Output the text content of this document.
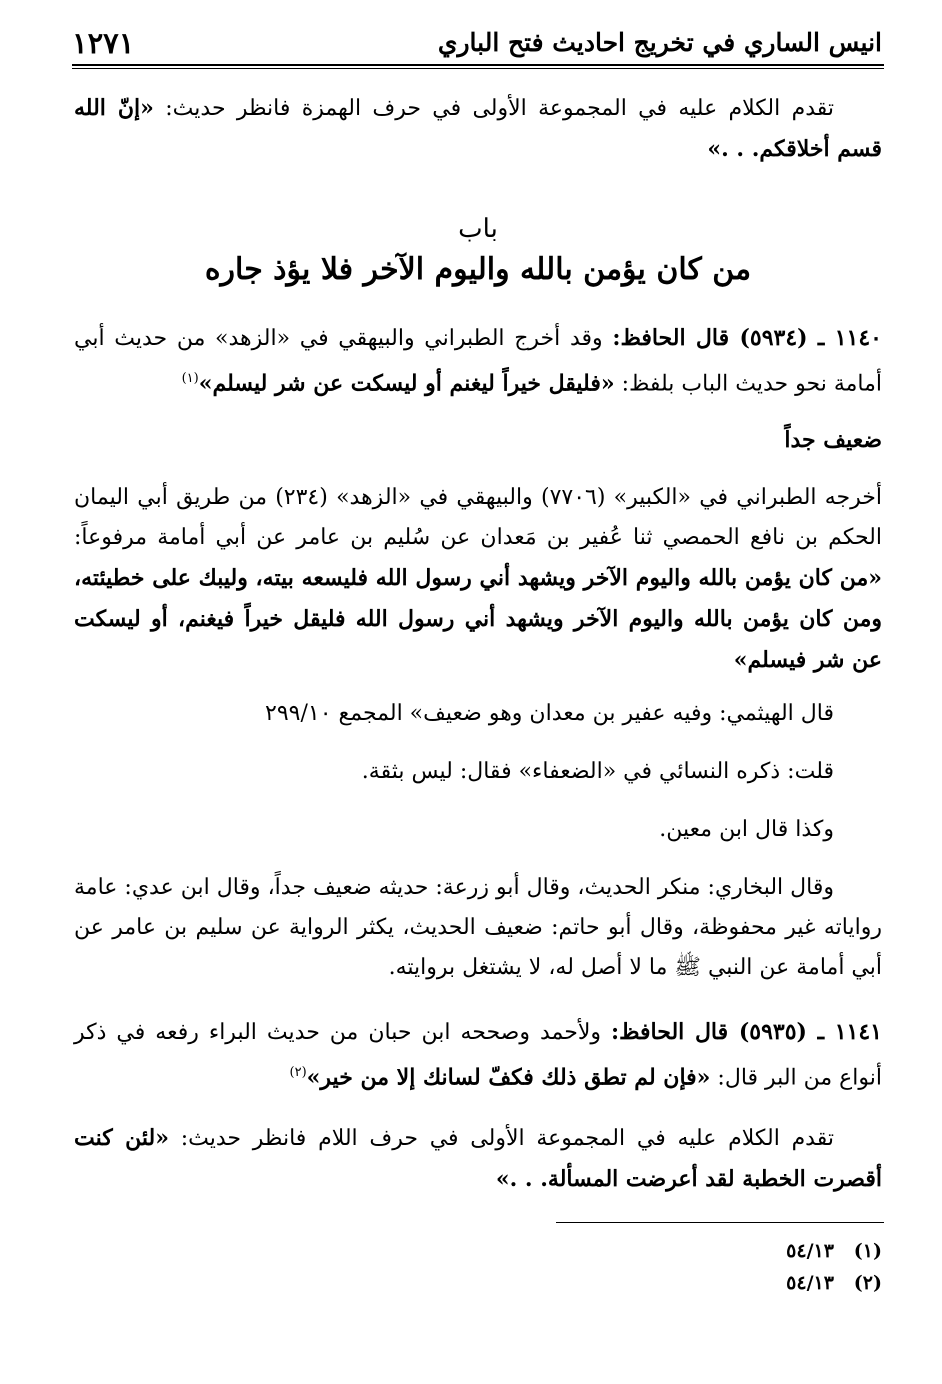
انيس الساري في تخريج احاديث فتح الباري
١٢٧١
تقدم الكلام عليه في المجموعة الأولى في حرف الهمزة فانظر حديث: «إنّ الله قسم أخلاقكم. . .»
باب
من كان يؤمن بالله واليوم الآخر فلا يؤذ جاره
١١٤٠ ـ (٥٩٣٤) قال الحافظ: وقد أخرج الطبراني والبيهقي في «الزهد» من حديث أبي أمامة نحو حديث الباب بلفظ: «فليقل خيراً ليغنم أو ليسكت عن شر ليسلم»$^{(١)}$
ضعيف جداً
أخرجه الطبراني في «الكبير» (٧٧٠٦) والبيهقي في «الزهد» (٢٣٤) من طريق أبي اليمان الحكم بن نافع الحمصي ثنا عُفير بن مَعدان عن سُليم بن عامر عن أبي أمامة مرفوعاً: «من كان يؤمن بالله واليوم الآخر ويشهد أني رسول الله فليسعه بيته، وليبك على خطيئته، ومن كان يؤمن بالله واليوم الآخر ويشهد أني رسول الله فليقل خيراً فيغنم، أو ليسكت عن شر فيسلم»
قال الهيثمي: وفيه عفير بن معدان وهو ضعيف» المجمع ٢٩٩/١٠
قلت: ذكره النسائي في «الضعفاء» فقال: ليس بثقة.
وكذا قال ابن معين.
وقال البخاري: منكر الحديث، وقال أبو زرعة: حديثه ضعيف جداً، وقال ابن عدي: عامة رواياته غير محفوظة، وقال أبو حاتم: ضعيف الحديث، يكثر الرواية عن سليم بن عامر عن أبي أمامة عن النبي ﷺ ما لا أصل له، لا يشتغل بروايته.
١١٤١ ـ (٥٩٣٥) قال الحافظ: ولأحمد وصححه ابن حبان من حديث البراء رفعه في ذكر أنواع من البر قال: «فإن لم تطق ذلك فكفّ لسانك إلا من خير»$^{(٢)}$
تقدم الكلام عليه في المجموعة الأولى في حرف اللام فانظر حديث: «لئن كنت أقصرت الخطبة لقد أعرضت المسألة. . .»
(١)   ٥٤/١٣
(٢)   ٥٤/١٣
